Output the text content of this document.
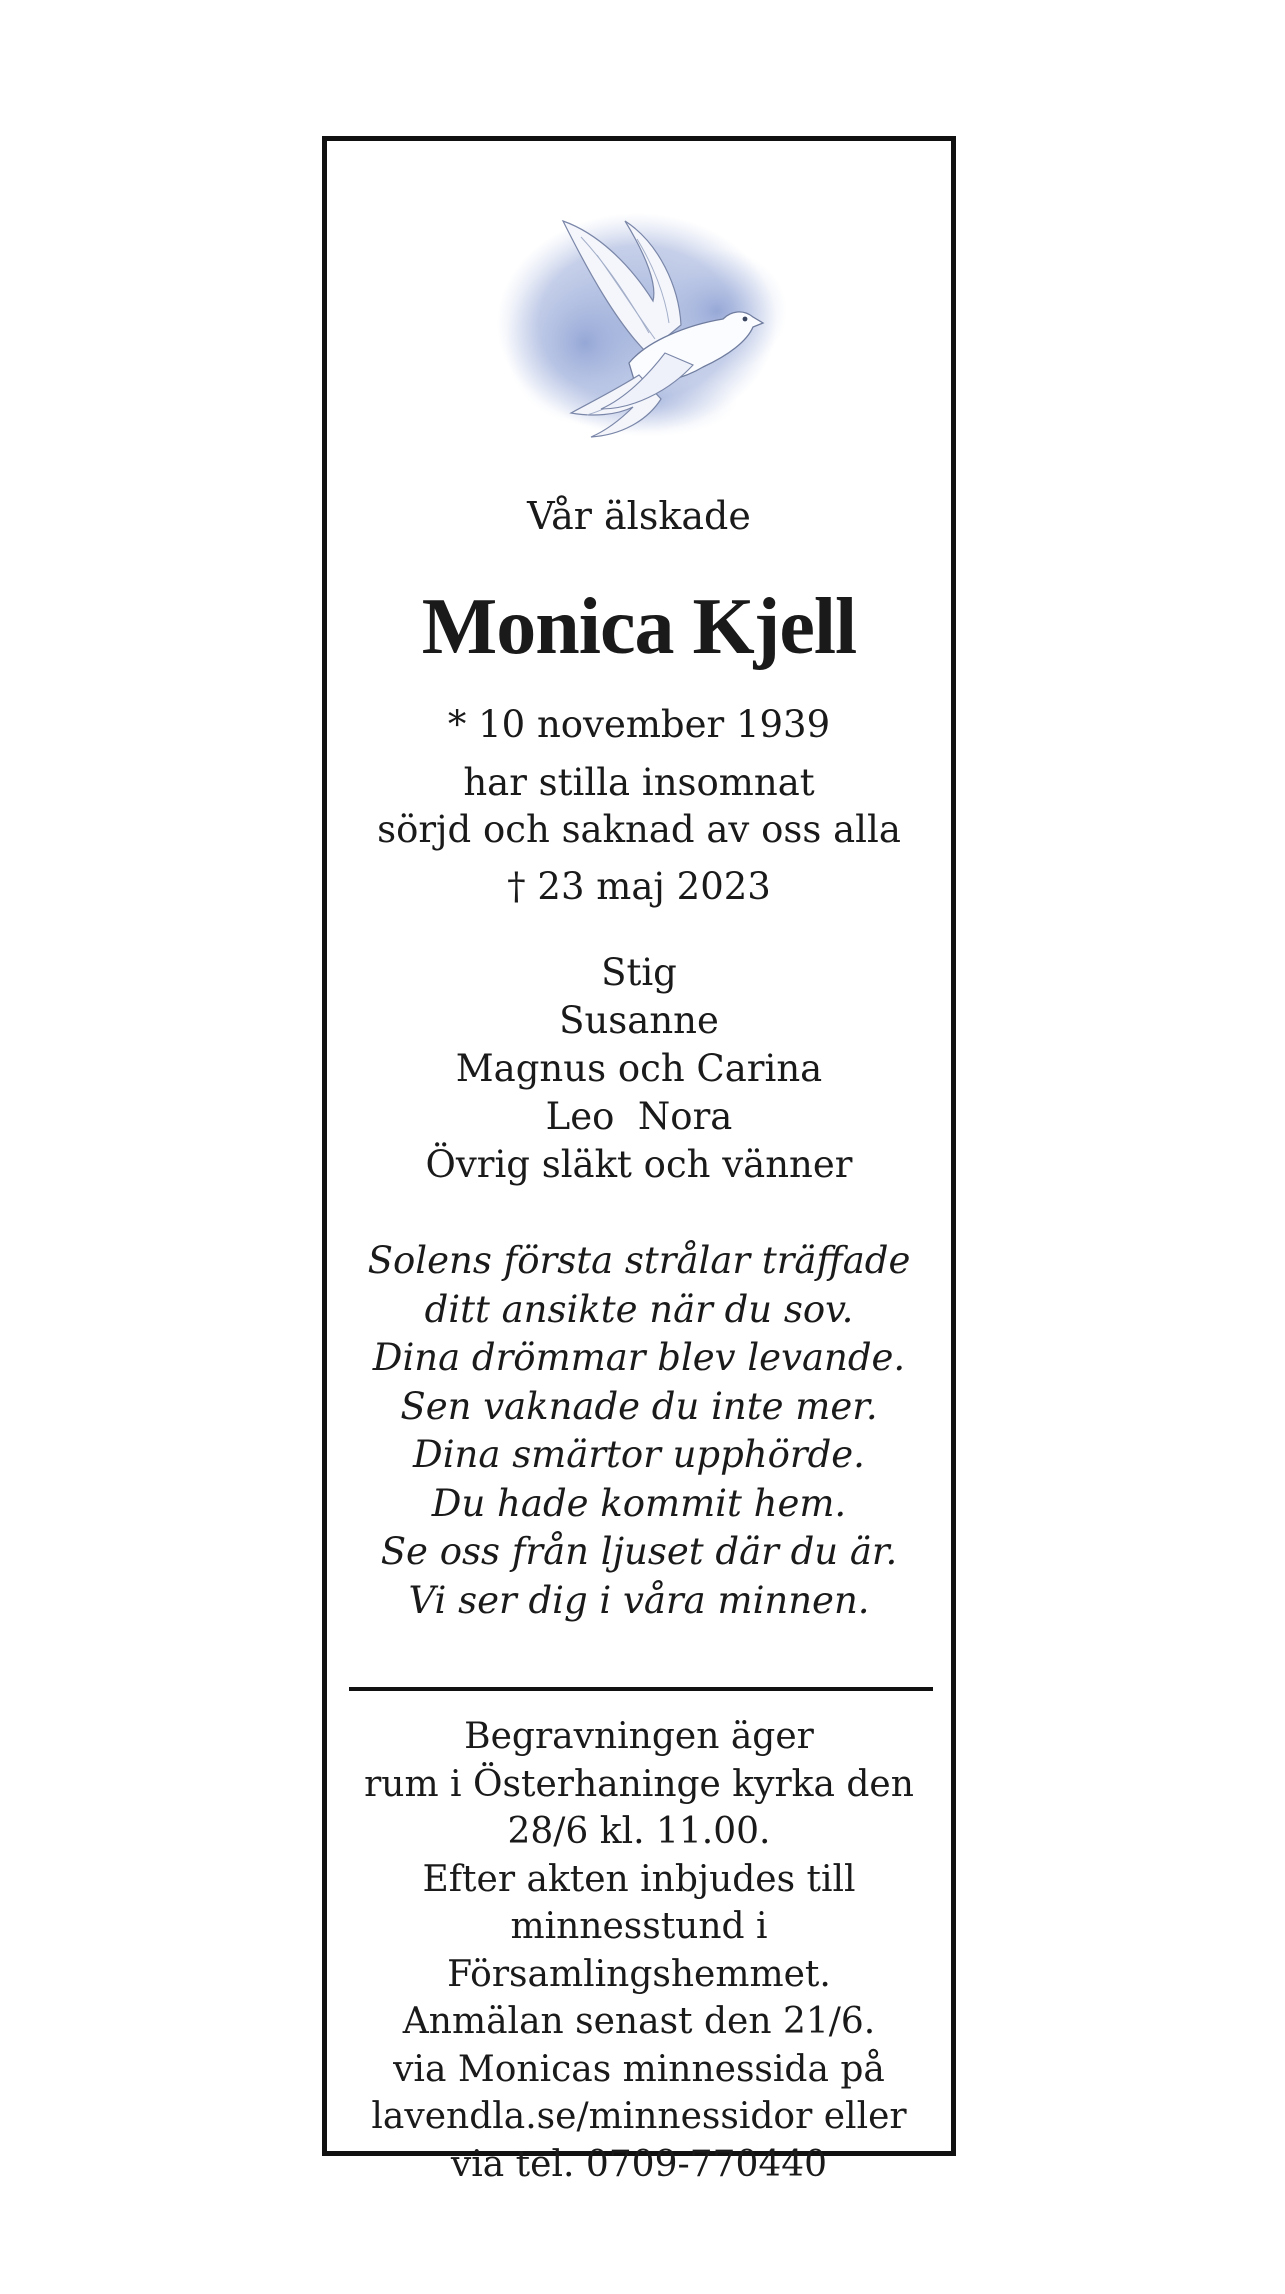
Vår älskade
Monica Kjell
* 10 november 1939
har stilla insomnat
sörjd och saknad av oss alla
† 23 maj 2023
Stig
Susanne
Magnus och Carina
Leo  Nora
Övrig släkt och vänner
Solens första strålar träffade
ditt ansikte när du sov.
Dina drömmar blev levande.
Sen vaknade du inte mer.
Dina smärtor upphörde.
Du hade kommit hem.
Se oss från ljuset där du är.
Vi ser dig i våra minnen.
Begravningen äger
rum i Österhaninge kyrka den
28/6 kl. 11.00.
Efter akten inbjudes till
minnesstund i
Församlingshemmet.
Anmälan senast den 21/6.
via Monicas minnessida på
lavendla.se/minnessidor eller
via tel. 0709-770440
